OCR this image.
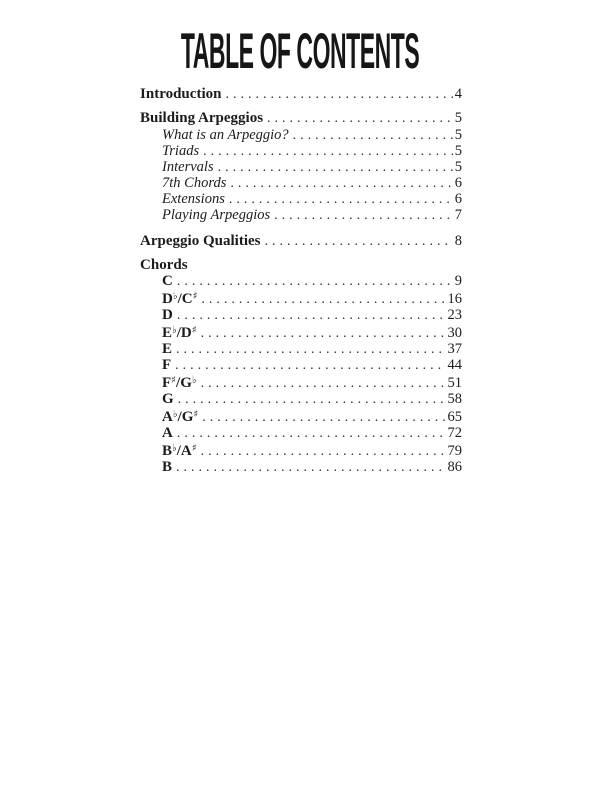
TABLE OF CONTENTS
Introduction .....	4
Building Arpeggios .....	5
What is an Arpeggio? .....	5
Triads .....	5
Intervals .....	5
7th Chords .....	6
Extensions .....	6
Playing Arpeggios .....	7
Arpeggio Qualities .....	8
Chords
C .....	9
D♭/C♯ .....	16
D .....	23
E♭/D♯ .....	30
E .....	37
F .....	44
F♯/G♭ .....	51
G .....	58
A♭/G♯ .....	65
A .....	72
B♭/A♯ .....	79
B .....	86
